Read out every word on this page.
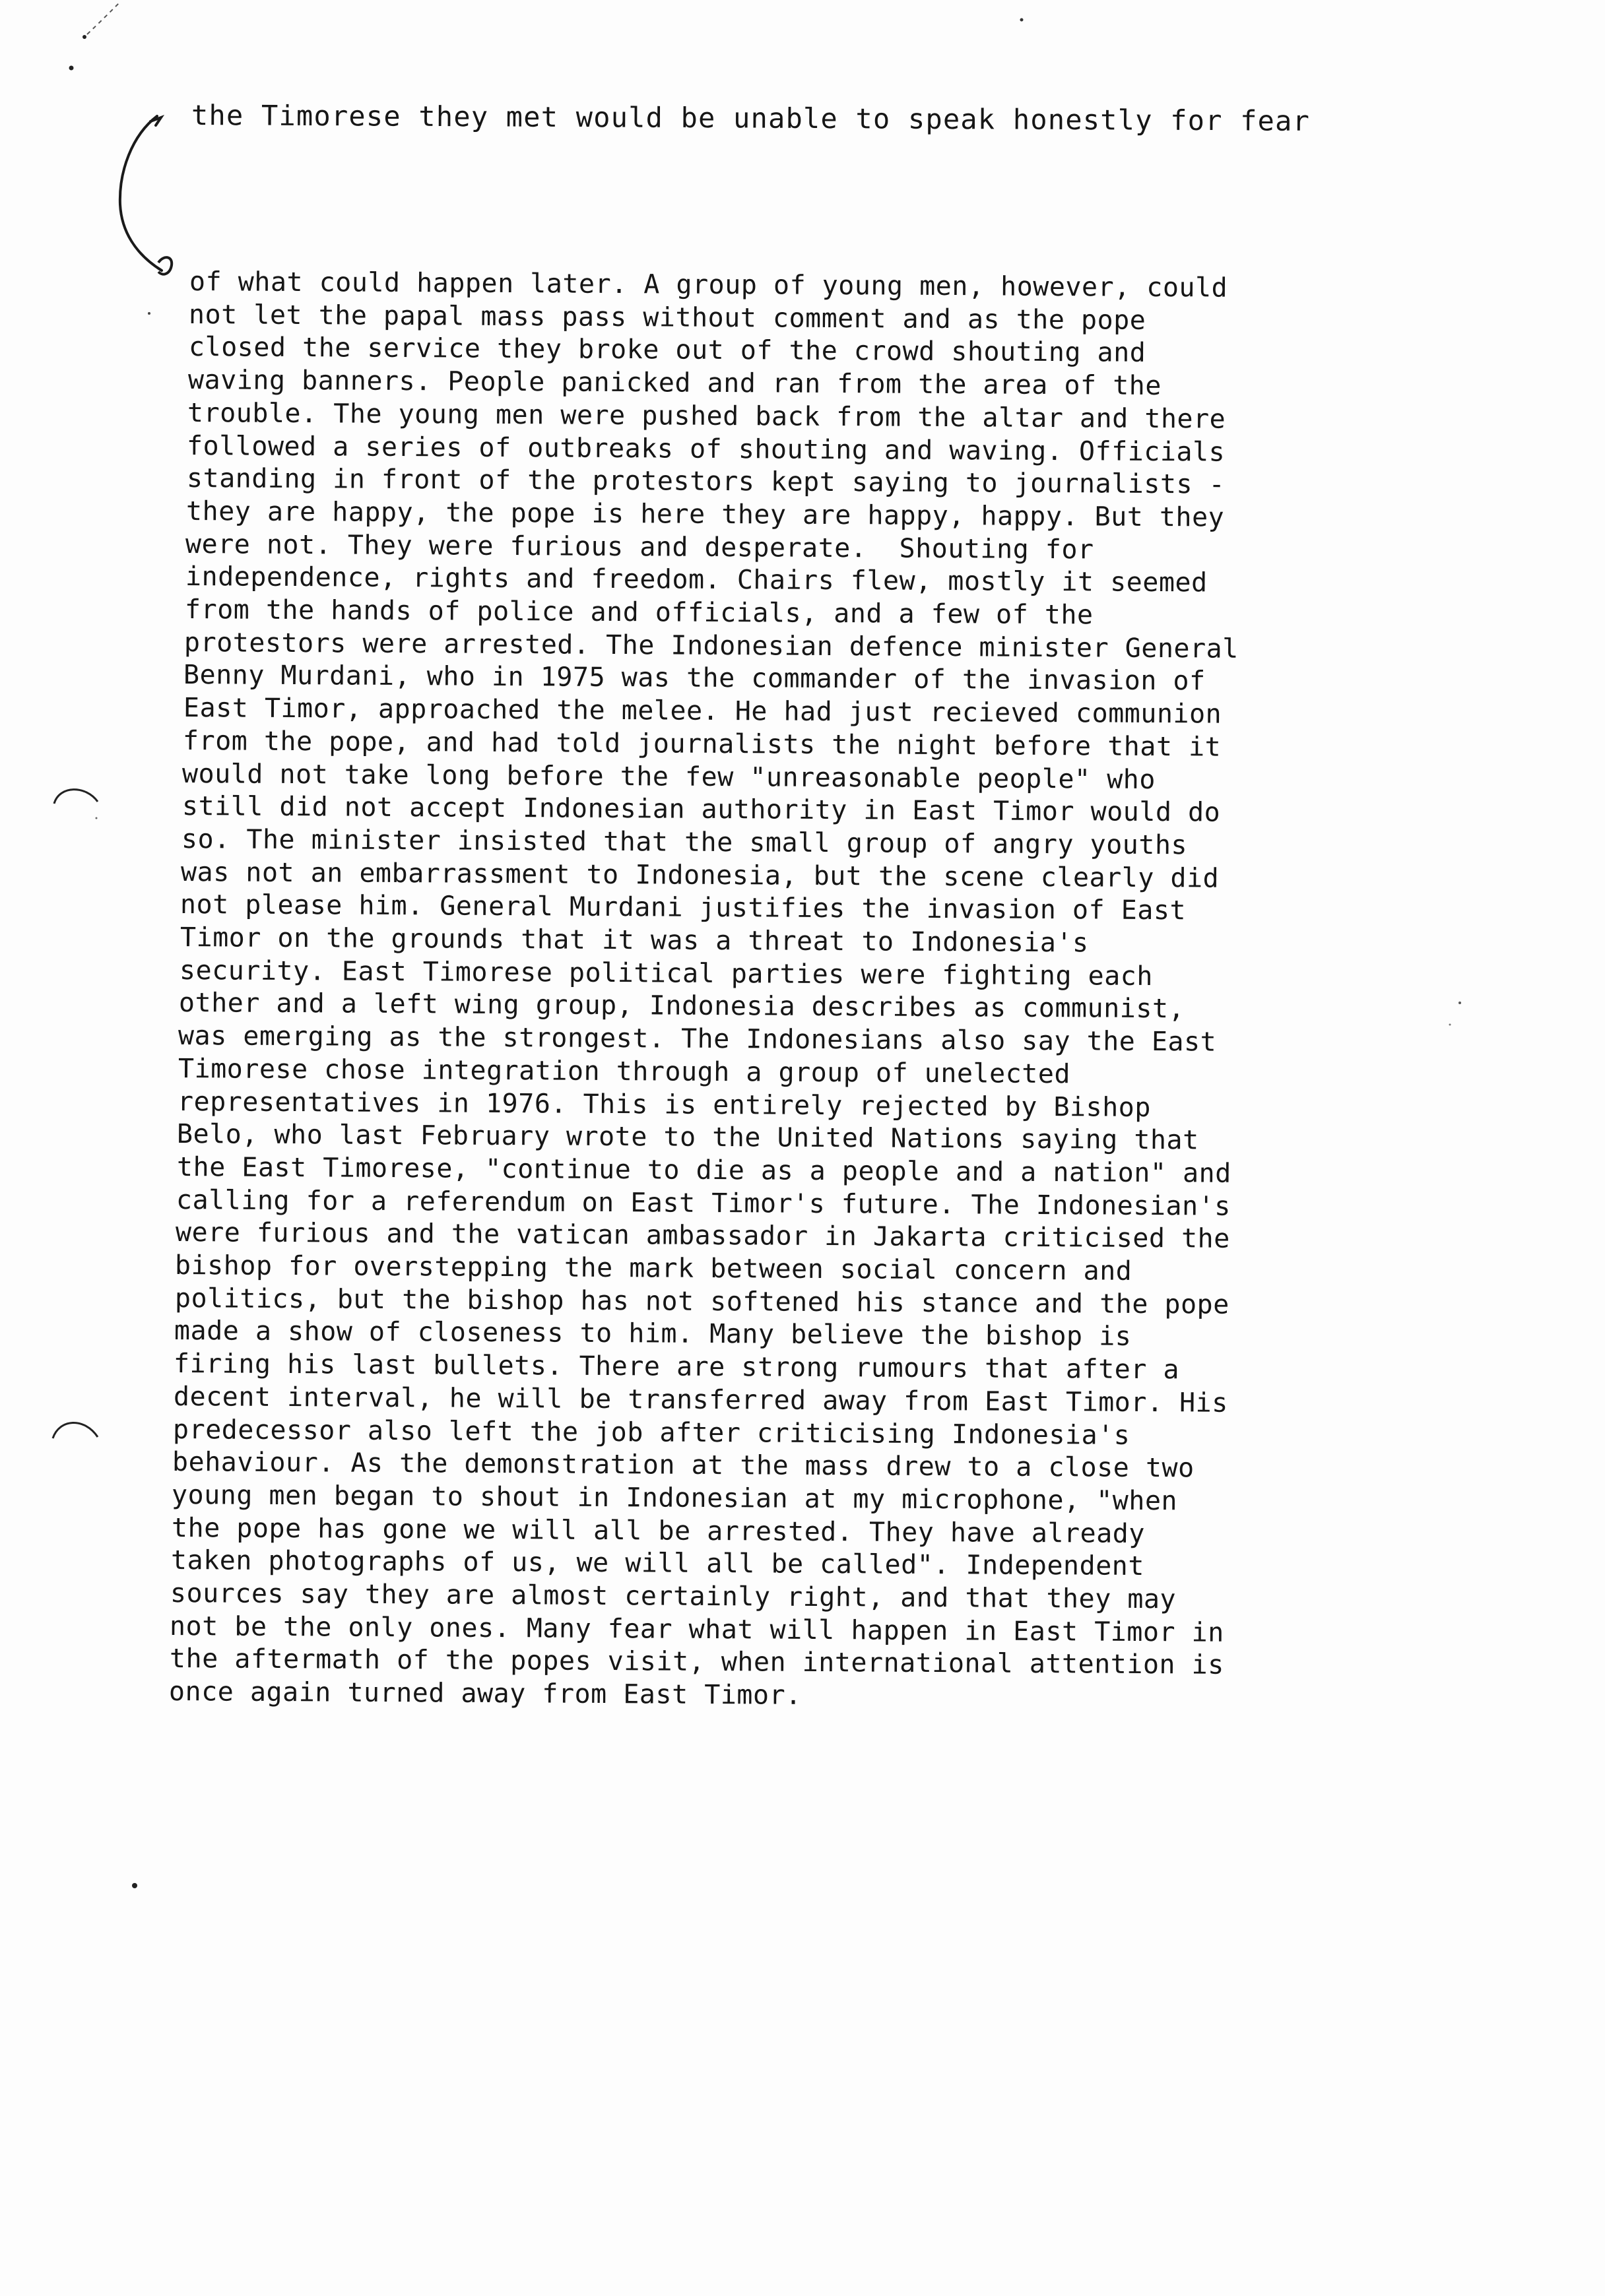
the Timorese they met would be unable to speak honestly for fear
of what could happen later. A group of young men, however, could
not let the papal mass pass without comment and as the pope
closed the service they broke out of the crowd shouting and
waving banners. People panicked and ran from the area of the
trouble. The young men were pushed back from the altar and there
followed a series of outbreaks of shouting and waving. Officials
standing in front of the protestors kept saying to journalists -
they are happy, the pope is here they are happy, happy. But they
were not. They were furious and desperate.  Shouting for
independence, rights and freedom. Chairs flew, mostly it seemed
from the hands of police and officials, and a few of the
protestors were arrested. The Indonesian defence minister General
Benny Murdani, who in 1975 was the commander of the invasion of
East Timor, approached the melee. He had just recieved communion
from the pope, and had told journalists the night before that it
would not take long before the few "unreasonable people" who
still did not accept Indonesian authority in East Timor would do
so. The minister insisted that the small group of angry youths
was not an embarrassment to Indonesia, but the scene clearly did
not please him. General Murdani justifies the invasion of East
Timor on the grounds that it was a threat to Indonesia's
security. East Timorese political parties were fighting each
other and a left wing group, Indonesia describes as communist,
was emerging as the strongest. The Indonesians also say the East
Timorese chose integration through a group of unelected
representatives in 1976. This is entirely rejected by Bishop
Belo, who last February wrote to the United Nations saying that
the East Timorese, "continue to die as a people and a nation" and
calling for a referendum on East Timor's future. The Indonesian's
were furious and the vatican ambassador in Jakarta criticised the
bishop for overstepping the mark between social concern and
politics, but the bishop has not softened his stance and the pope
made a show of closeness to him. Many believe the bishop is
firing his last bullets. There are strong rumours that after a
decent interval, he will be transferred away from East Timor. His
predecessor also left the job after criticising Indonesia's
behaviour. As the demonstration at the mass drew to a close two
young men began to shout in Indonesian at my microphone, "when
the pope has gone we will all be arrested. They have already
taken photographs of us, we will all be called". Independent
sources say they are almost certainly right, and that they may
not be the only ones. Many fear what will happen in East Timor in
the aftermath of the popes visit, when international attention is
once again turned away from East Timor.
